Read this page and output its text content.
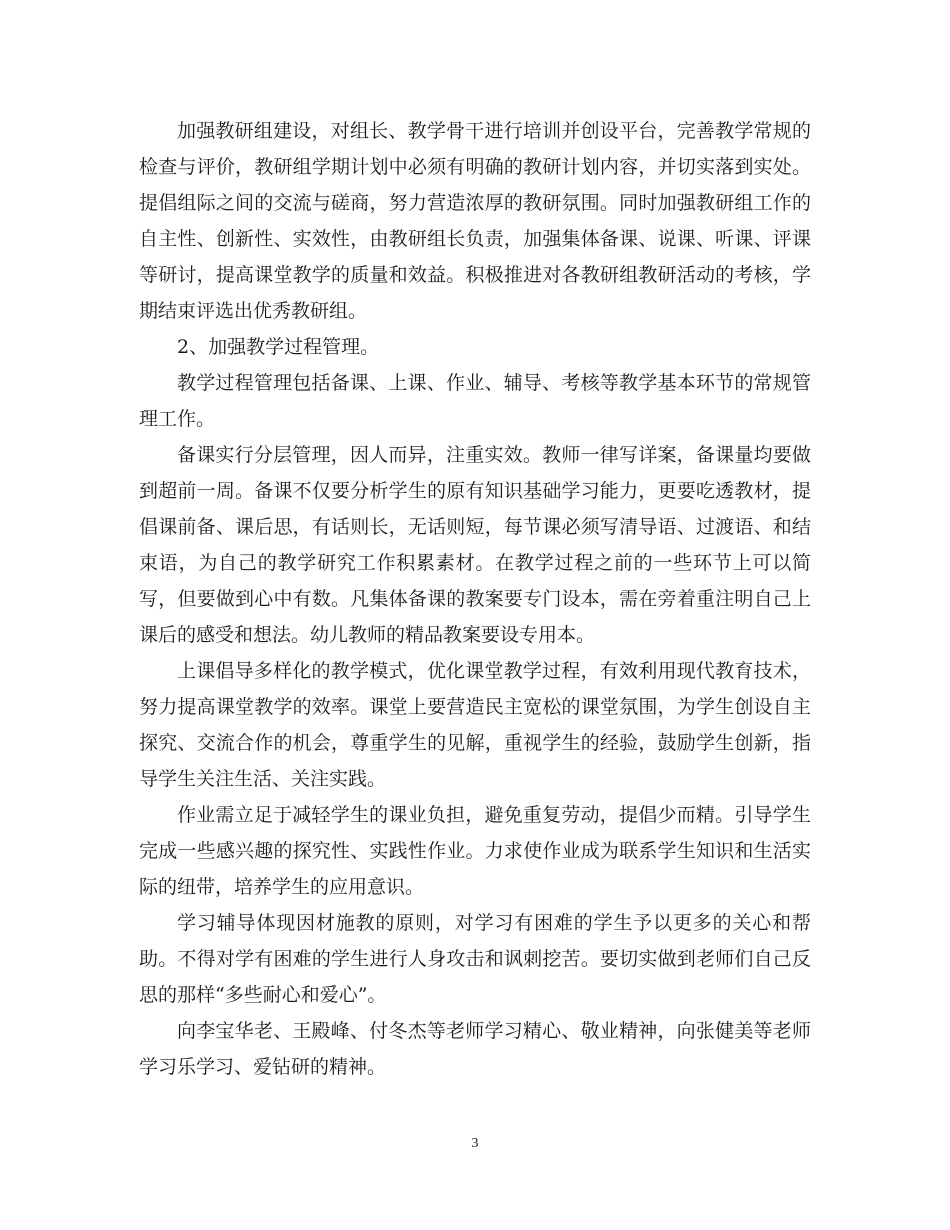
加强教研组建设，对组长、教学骨干进行培训并创设平台，完善教学常规的检查与评价，教研组学期计划中必须有明确的教研计划内容，并切实落到实处。提倡组际之间的交流与磋商，努力营造浓厚的教研氛围。同时加强教研组工作的自主性、创新性、实效性，由教研组长负责，加强集体备课、说课、听课、评课等研讨，提高课堂教学的质量和效益。积极推进对各教研组教研活动的考核，学期结束评选出优秀教研组。

2、加强教学过程管理。

教学过程管理包括备课、上课、作业、辅导、考核等教学基本环节的常规管理工作。

备课实行分层管理，因人而异，注重实效。教师一律写详案，备课量均要做到超前一周。备课不仅要分析学生的原有知识基础学习能力，更要吃透教材，提倡课前备、课后思，有话则长，无话则短，每节课必须写清导语、过渡语、和结束语，为自己的教学研究工作积累素材。在教学过程之前的一些环节上可以简写，但要做到心中有数。凡集体备课的教案要专门设本，需在旁着重注明自己上课后的感受和想法。幼儿教师的精品教案要设专用本。

上课倡导多样化的教学模式，优化课堂教学过程，有效利用现代教育技术，努力提高课堂教学的效率。课堂上要营造民主宽松的课堂氛围，为学生创设自主探究、交流合作的机会，尊重学生的见解，重视学生的经验，鼓励学生创新，指导学生关注生活、关注实践。

作业需立足于减轻学生的课业负担，避免重复劳动，提倡少而精。引导学生完成一些感兴趣的探究性、实践性作业。力求使作业成为联系学生知识和生活实际的纽带，培养学生的应用意识。

学习辅导体现因材施教的原则，对学习有困难的学生予以更多的关心和帮助。不得对学有困难的学生进行人身攻击和讽刺挖苦。要切实做到老师们自己反思的那样“多些耐心和爱心”。

向李宝华老、王殿峰、付冬杰等老师学习精心、敬业精神，向张健美等老师学习乐学习、爱钻研的精神。

3
